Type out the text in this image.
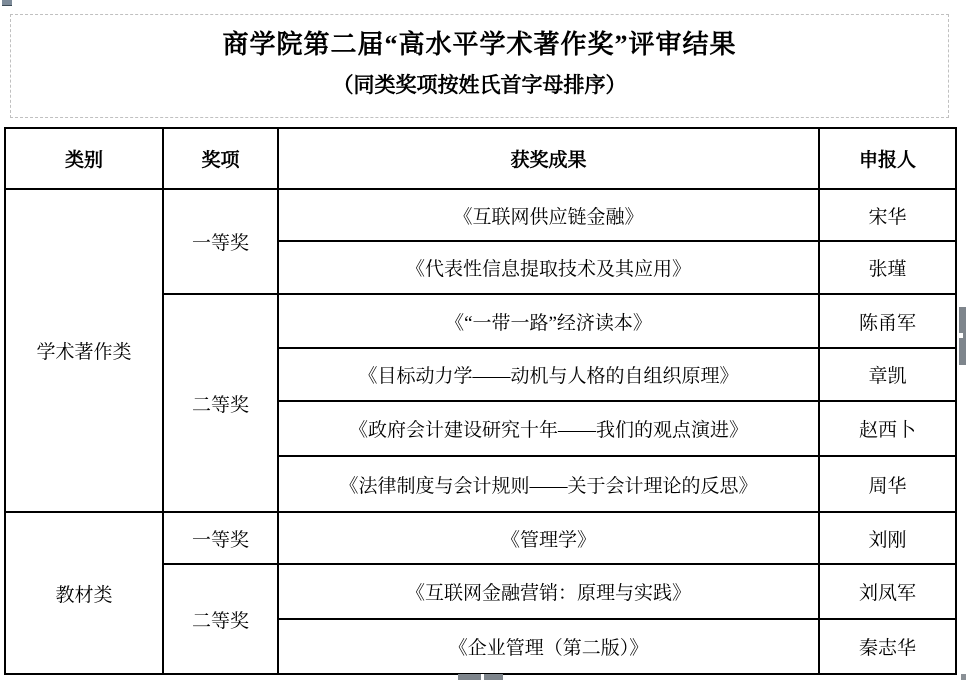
商学院第二届“高水平学术著作奖”评审结果
（同类奖项按姓氏首字母排序）
类别	奖项	获奖成果	申报人
学术著作类	一等奖	《互联网供应链金融》	宋华
		《代表性信息提取技术及其应用》	张瑾
	二等奖	《“一带一路”经济读本》	陈甬军
		《目标动力学——动机与人格的自组织原理》	章凯
		《政府会计建设研究十年——我们的观点演进》	赵西卜
		《法律制度与会计规则——关于会计理论的反思》	周华
教材类	一等奖	《管理学》	刘刚
	二等奖	《互联网金融营销：原理与实践》	刘凤军
		《企业管理（第二版）》	秦志华
